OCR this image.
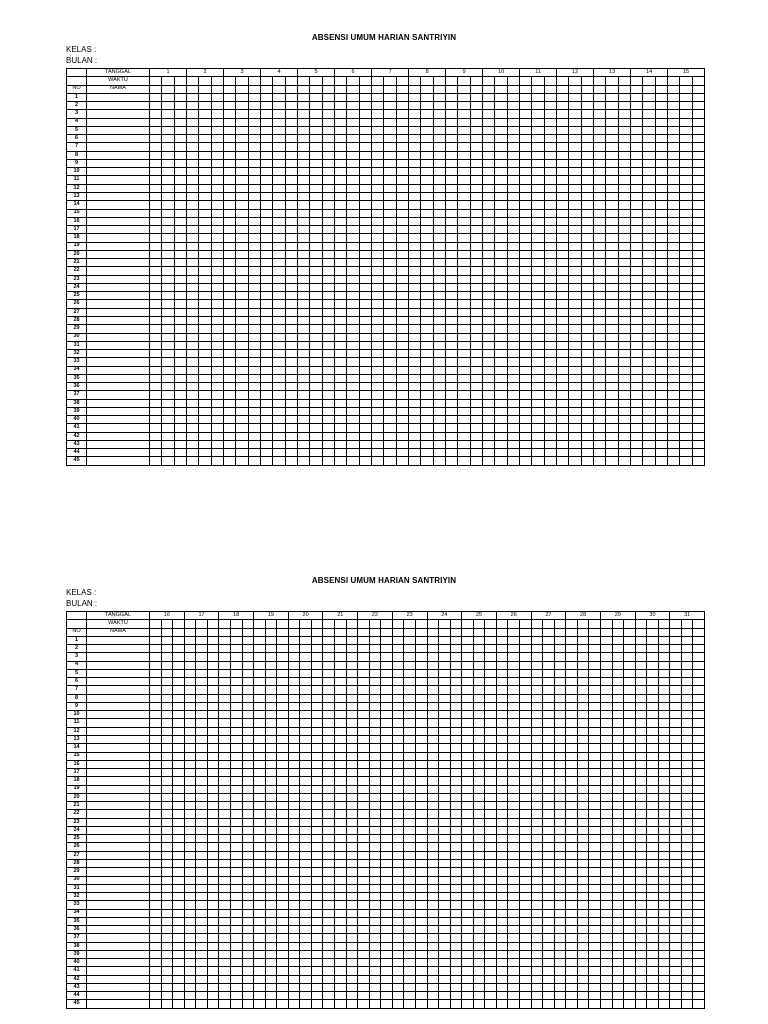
ABSENSI UMUM HARIAN SANTRIYIN
KELAS :
BULAN :
	TANGGAL	1			2			3			4			5			6			7			8			9			10			11			12			13			14			15		
	WAKTU																																													
NO	NAMA																																													
1																																														
2																																														
3																																														
4																																														
5																																														
6																																														
7																																														
8																																														
9																																														
10																																														
11																																														
12																																														
13																																														
14																																														
15																																														
16																																														
17																																														
18																																														
19																																														
20																																														
21																																														
22																																														
23																																														
24																																														
25																																														
26																																														
27																																														
28																																														
29																																														
30																																														
31																																														
32																																														
33																																														
34																																														
35																																														
36																																														
37																																														
38																																														
39																																														
40																																														
41																																														
42																																														
43																																														
44																																														
45																																														
ABSENSI UMUM HARIAN SANTRIYIN
KELAS :
BULAN :
	TANGGAL	16			17			18			19			20			21			22			23			24			25			26			27			28			29			30			31		
	WAKTU																																																
NO	NAMA																																																
1																																																	
2																																																	
3																																																	
4																																																	
5																																																	
6																																																	
7																																																	
8																																																	
9																																																	
10																																																	
11																																																	
12																																																	
13																																																	
14																																																	
15																																																	
16																																																	
17																																																	
18																																																	
19																																																	
20																																																	
21																																																	
22																																																	
23																																																	
24																																																	
25																																																	
26																																																	
27																																																	
28																																																	
29																																																	
30																																																	
31																																																	
32																																																	
33																																																	
34																																																	
35																																																	
36																																																	
37																																																	
38																																																	
39																																																	
40																																																	
41																																																	
42																																																	
43																																																	
44																																																	
45																																																	
